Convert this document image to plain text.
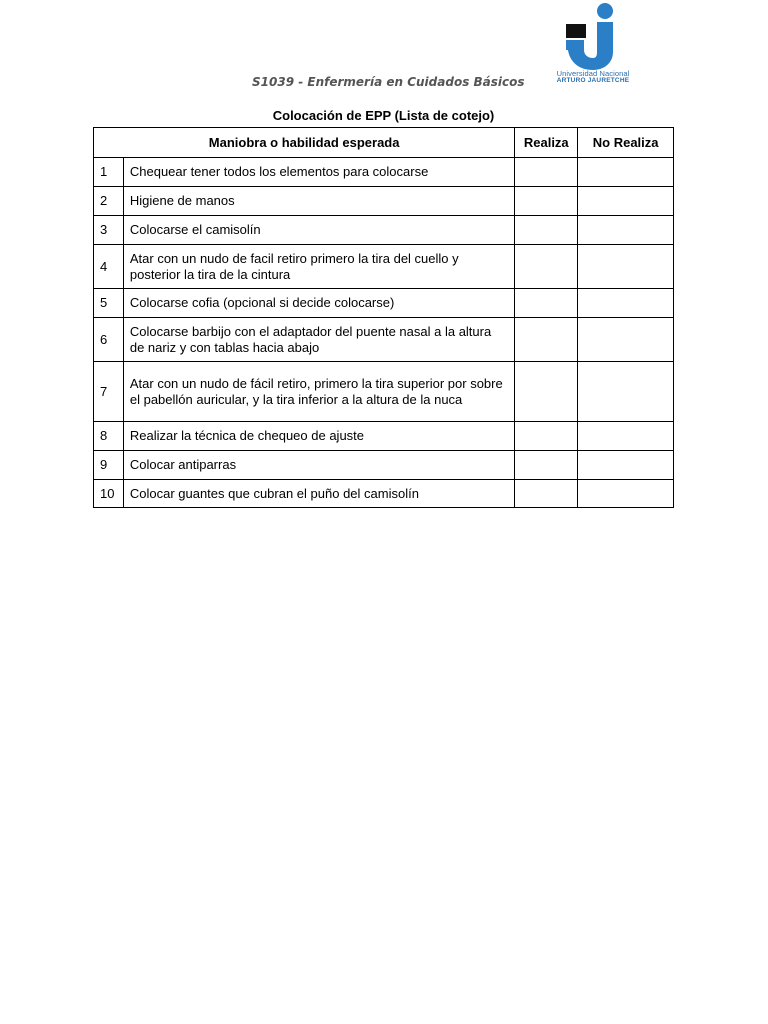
Universidad Nacional
ARTURO JAURETCHE
S1039 - Enfermería en Cuidados Básicos
Colocación de EPP (Lista de cotejo)
Maniobra o habilidad esperada		Realiza	No Realiza
1	Chequear tener todos los elementos para colocarse		
2	Higiene de manos		
3	Colocarse el camisolín		
4	Atar con un nudo de facil retiro primero la tira del cuello y posterior la tira de la cintura		
5	Colocarse cofia (opcional si decide colocarse)		
6	Colocarse barbijo con el adaptador del puente nasal a la altura de nariz y con tablas hacia abajo		
7	Atar con un nudo de fácil retiro, primero la tira superior por sobre el pabellón auricular, y la tira inferior a la altura de la nuca		
8	Realizar la técnica de chequeo de ajuste		
9	Colocar antiparras		
10	Colocar guantes que cubran el puño del camisolín		
